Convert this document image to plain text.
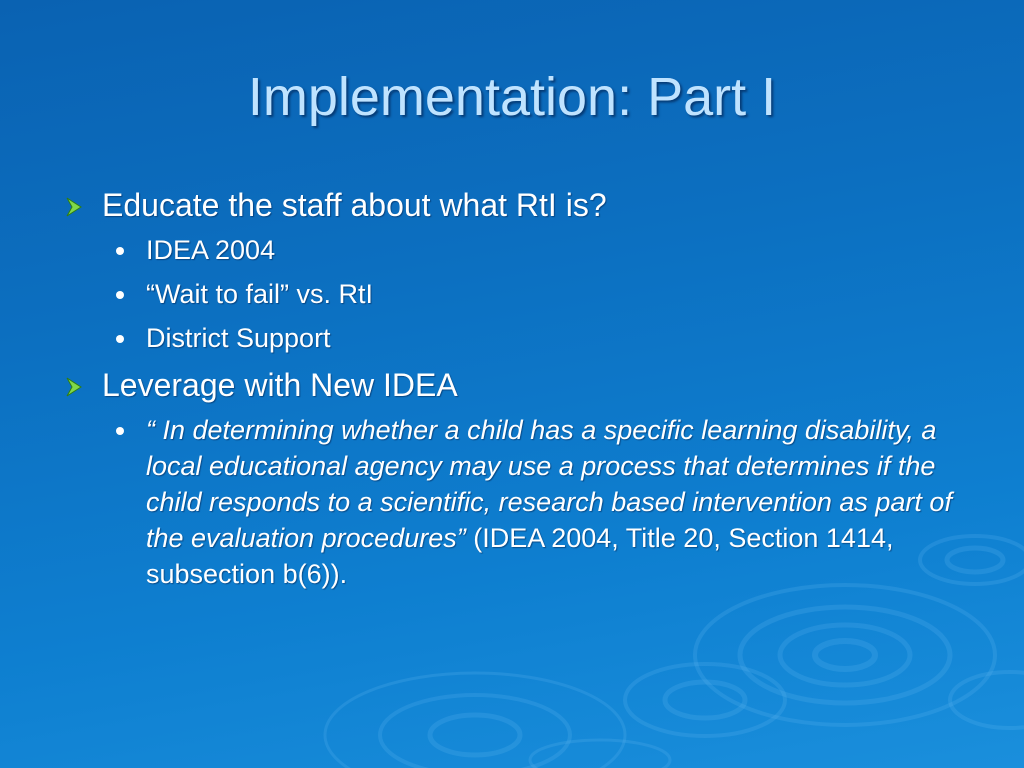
Implementation: Part I
Educate the staff about what RtI is?
IDEA 2004
“Wait to fail” vs. RtI
District Support
Leverage with New IDEA
“ In determining whether a child has a specific learning disability, a local educational agency may use a process that determines if the child responds to a scientific, research based intervention as part of the evaluation procedures” (IDEA 2004, Title 20, Section 1414, subsection b(6)).
